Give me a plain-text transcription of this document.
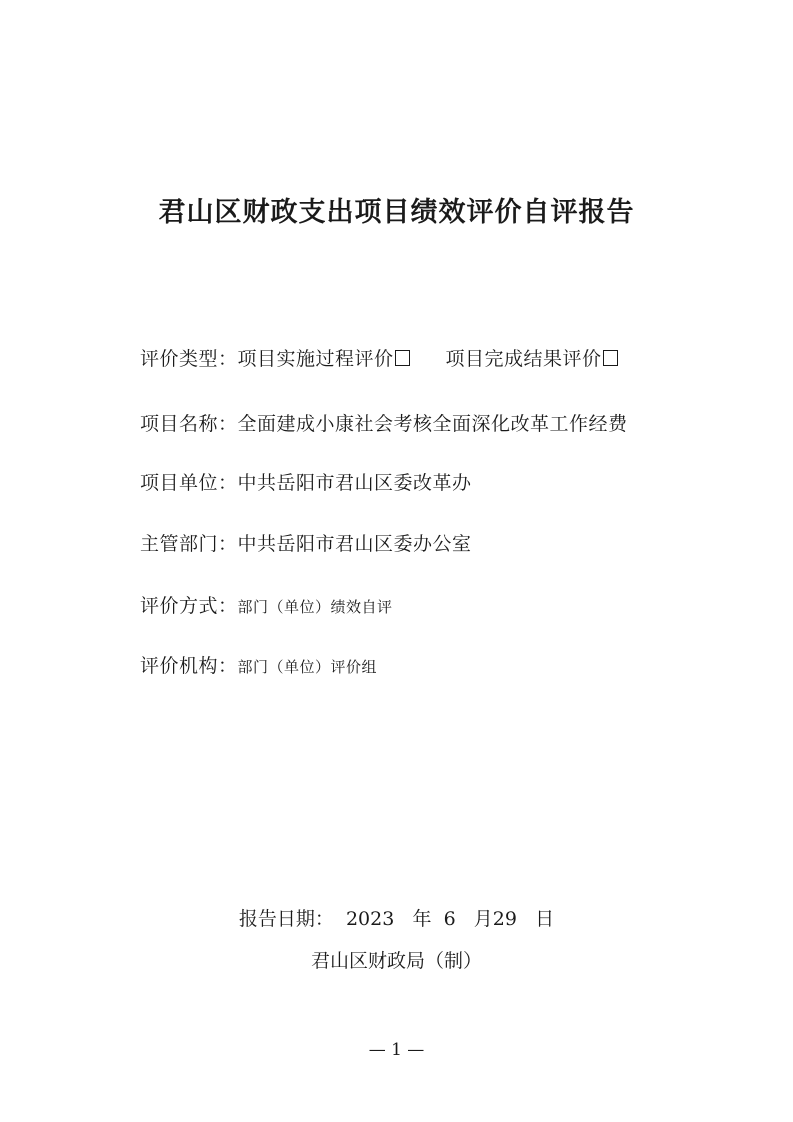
君山区财政支出项目绩效评价自评报告
评价类型：项目实施过程评价	项目完成结果评价
项目名称：全面建成小康社会考核全面深化改革工作经费
项目单位：中共岳阳市君山区委改革办
主管部门：中共岳阳市君山区委办公室
评价方式：部门（单位）绩效自评
评价机构：部门（单位）评价组
报告日期： 2023 年 6 月29 日
君山区财政局（制）
— 1 —
